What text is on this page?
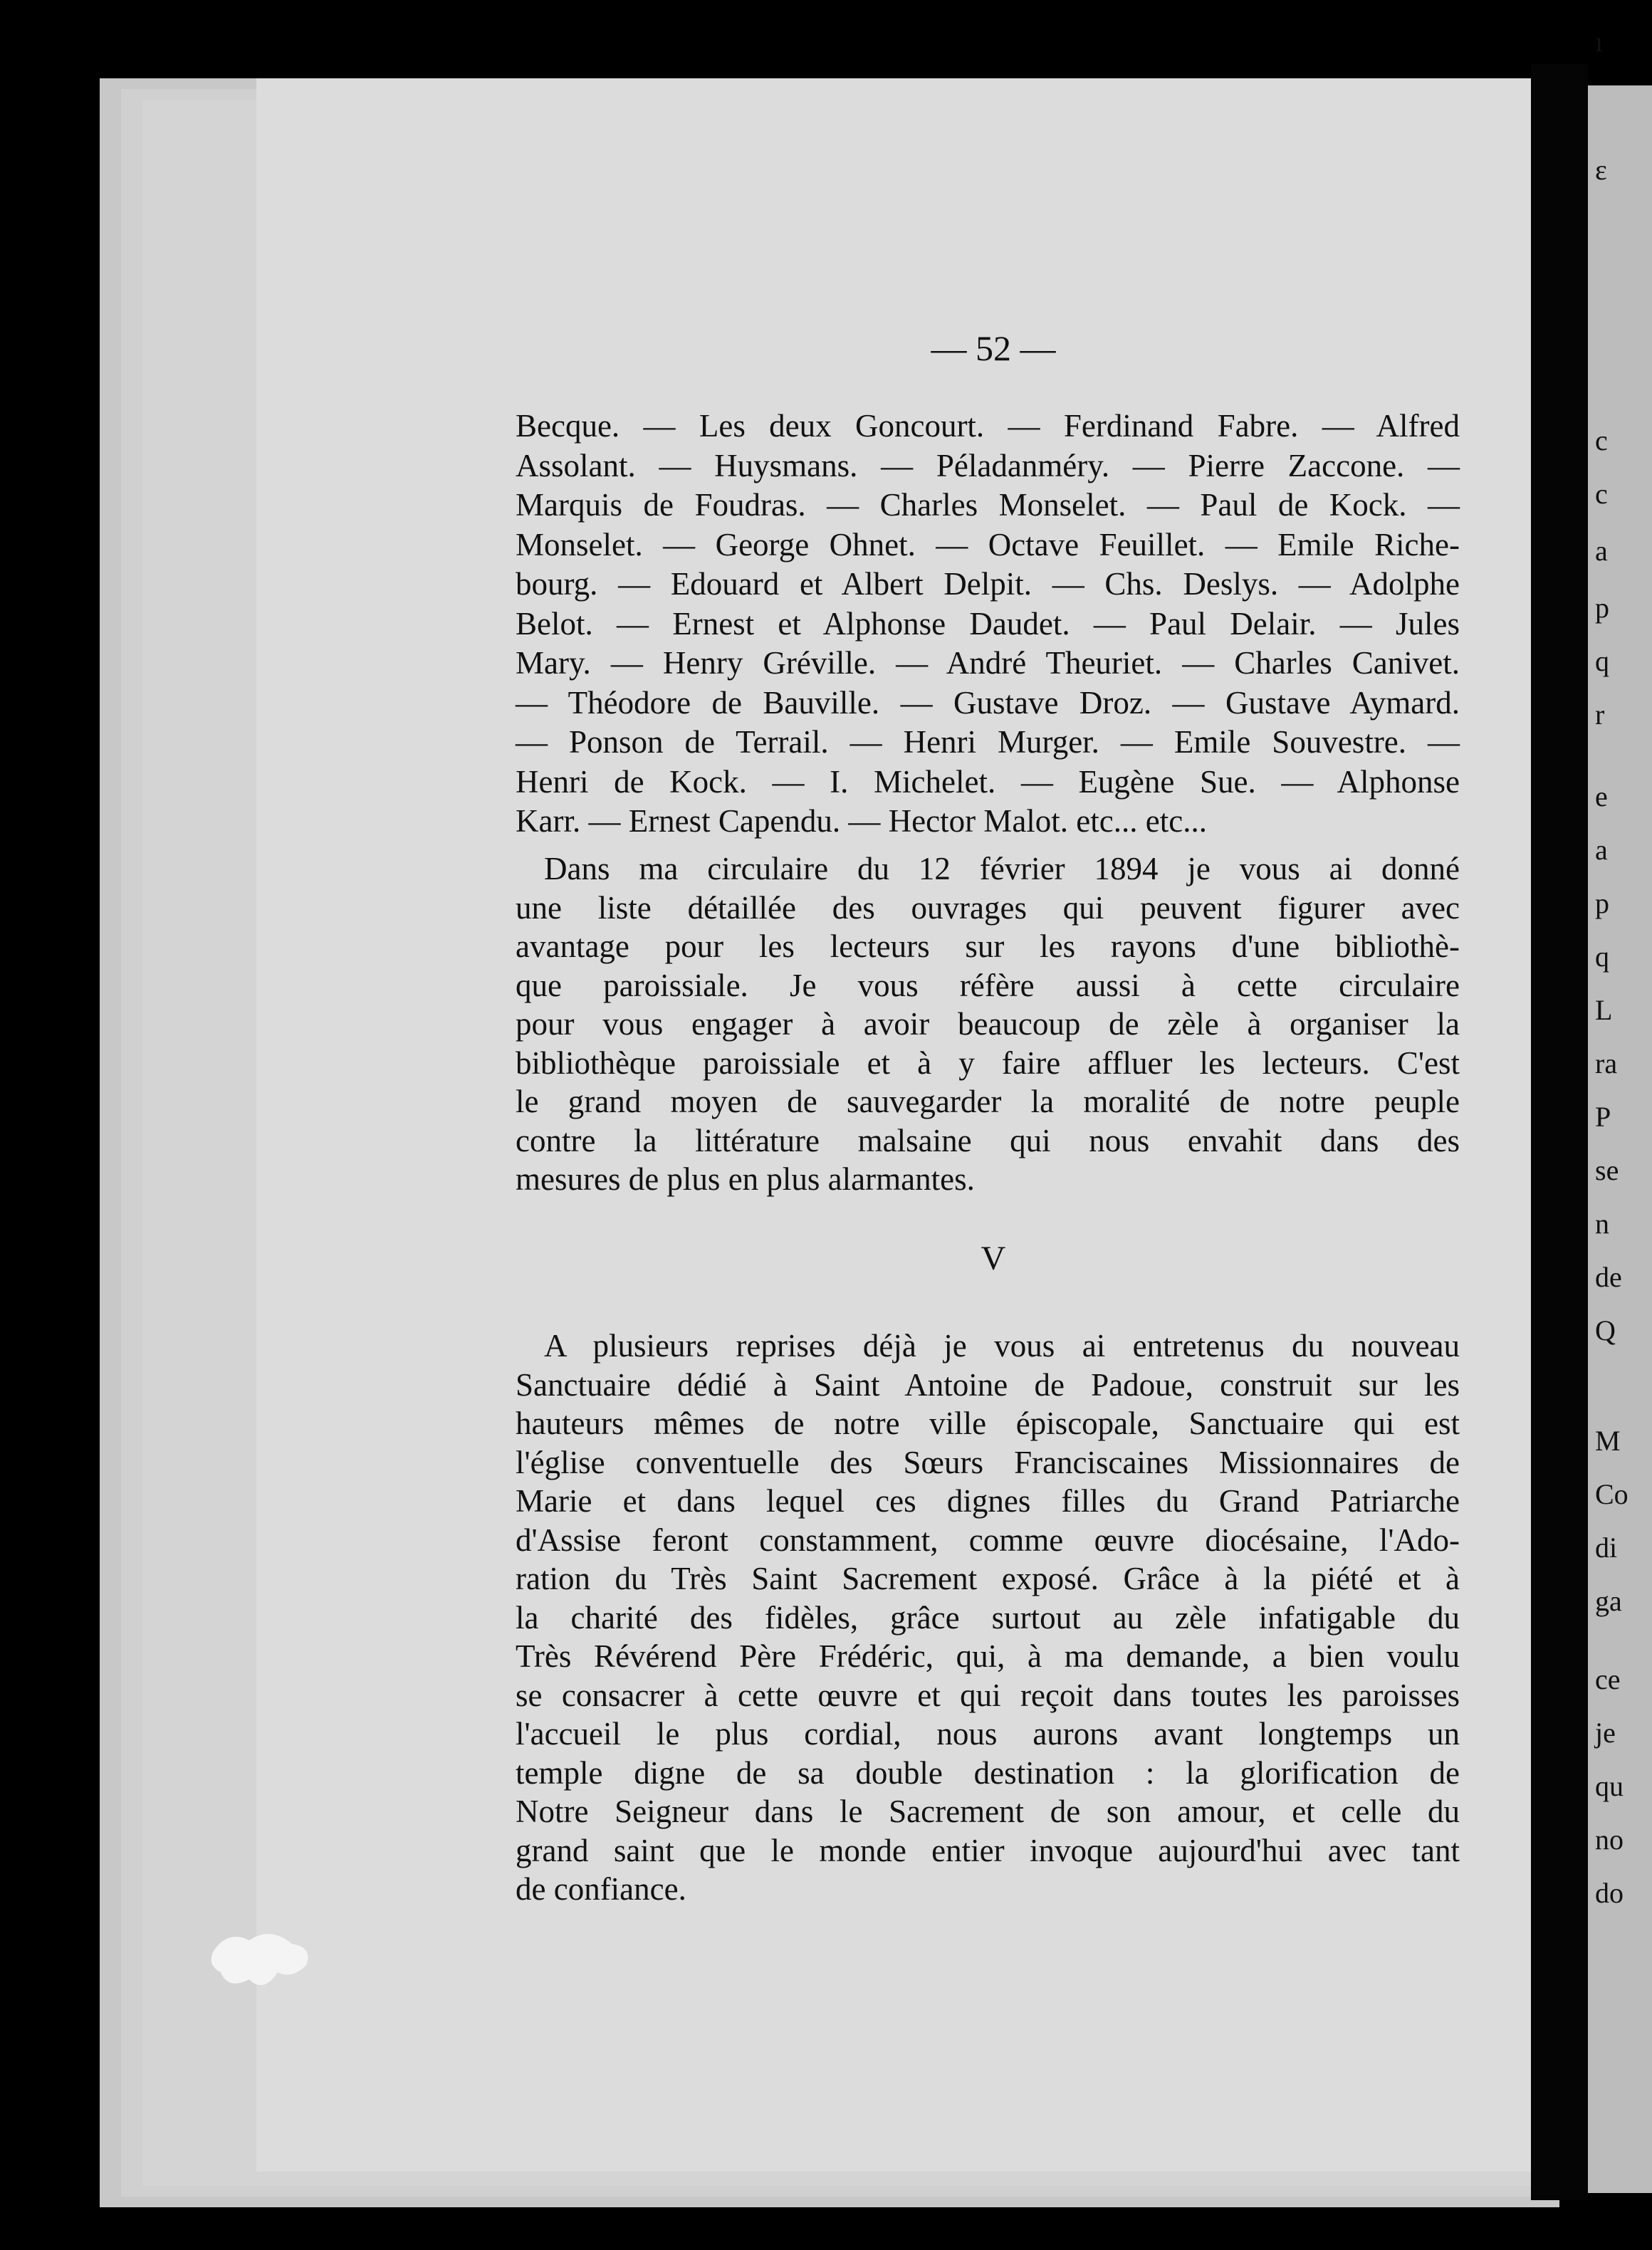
ı
ε
c
c
a
p
q
r
e
a
p
q
L
ra
P
se
n
de
Q
M
Co
di
ga
ce
je
qu
no
do
— 52 —
Becque. — Les deux Goncourt. — Ferdinand Fabre. — Alfred
Assolant. — Huysmans. — Péladanméry. — Pierre Zaccone. —
Marquis de Foudras. — Charles Monselet. — Paul de Kock. —
Monselet. — George Ohnet. — Octave Feuillet. — Emile Riche-
bourg. — Edouard et Albert Delpit. — Chs. Deslys. — Adolphe
Belot. — Ernest et Alphonse Daudet. — Paul Delair. — Jules
Mary. — Henry Gréville. — André Theuriet. — Charles Canivet.
— Théodore de Bauville. — Gustave Droz. — Gustave Aymard.
— Ponson de Terrail. — Henri Murger. — Emile Souvestre. —
Henri de Kock. — I. Michelet. — Eugène Sue. — Alphonse
Karr. — Ernest Capendu. — Hector Malot. etc... etc...
Dans ma circulaire du 12 février 1894 je vous ai donné
une liste détaillée des ouvrages qui peuvent figurer avec
avantage pour les lecteurs sur les rayons d'une bibliothè-
que paroissiale. Je vous réfère aussi à cette circulaire
pour vous engager à avoir beaucoup de zèle à organiser la
bibliothèque paroissiale et à y faire affluer les lecteurs. C'est
le grand moyen de sauvegarder la moralité de notre peuple
contre la littérature malsaine qui nous envahit dans des
mesures de plus en plus alarmantes.
V
A plusieurs reprises déjà je vous ai entretenus du nouveau
Sanctuaire dédié à Saint Antoine de Padoue, construit sur les
hauteurs mêmes de notre ville épiscopale, Sanctuaire qui est
l'église conventuelle des Sœurs Franciscaines Missionnaires de
Marie et dans lequel ces dignes filles du Grand Patriarche
d'Assise feront constamment, comme œuvre diocésaine, l'Ado-
ration du Très Saint Sacrement exposé. Grâce à la piété et à
la charité des fidèles, grâce surtout au zèle infatigable du
Très Révérend Père Frédéric, qui, à ma demande, a bien voulu
se consacrer à cette œuvre et qui reçoit dans toutes les paroisses
l'accueil le plus cordial, nous aurons avant longtemps un
temple digne de sa double destination : la glorification de
Notre Seigneur dans le Sacrement de son amour, et celle du
grand saint que le monde entier invoque aujourd'hui avec tant
de confiance.
